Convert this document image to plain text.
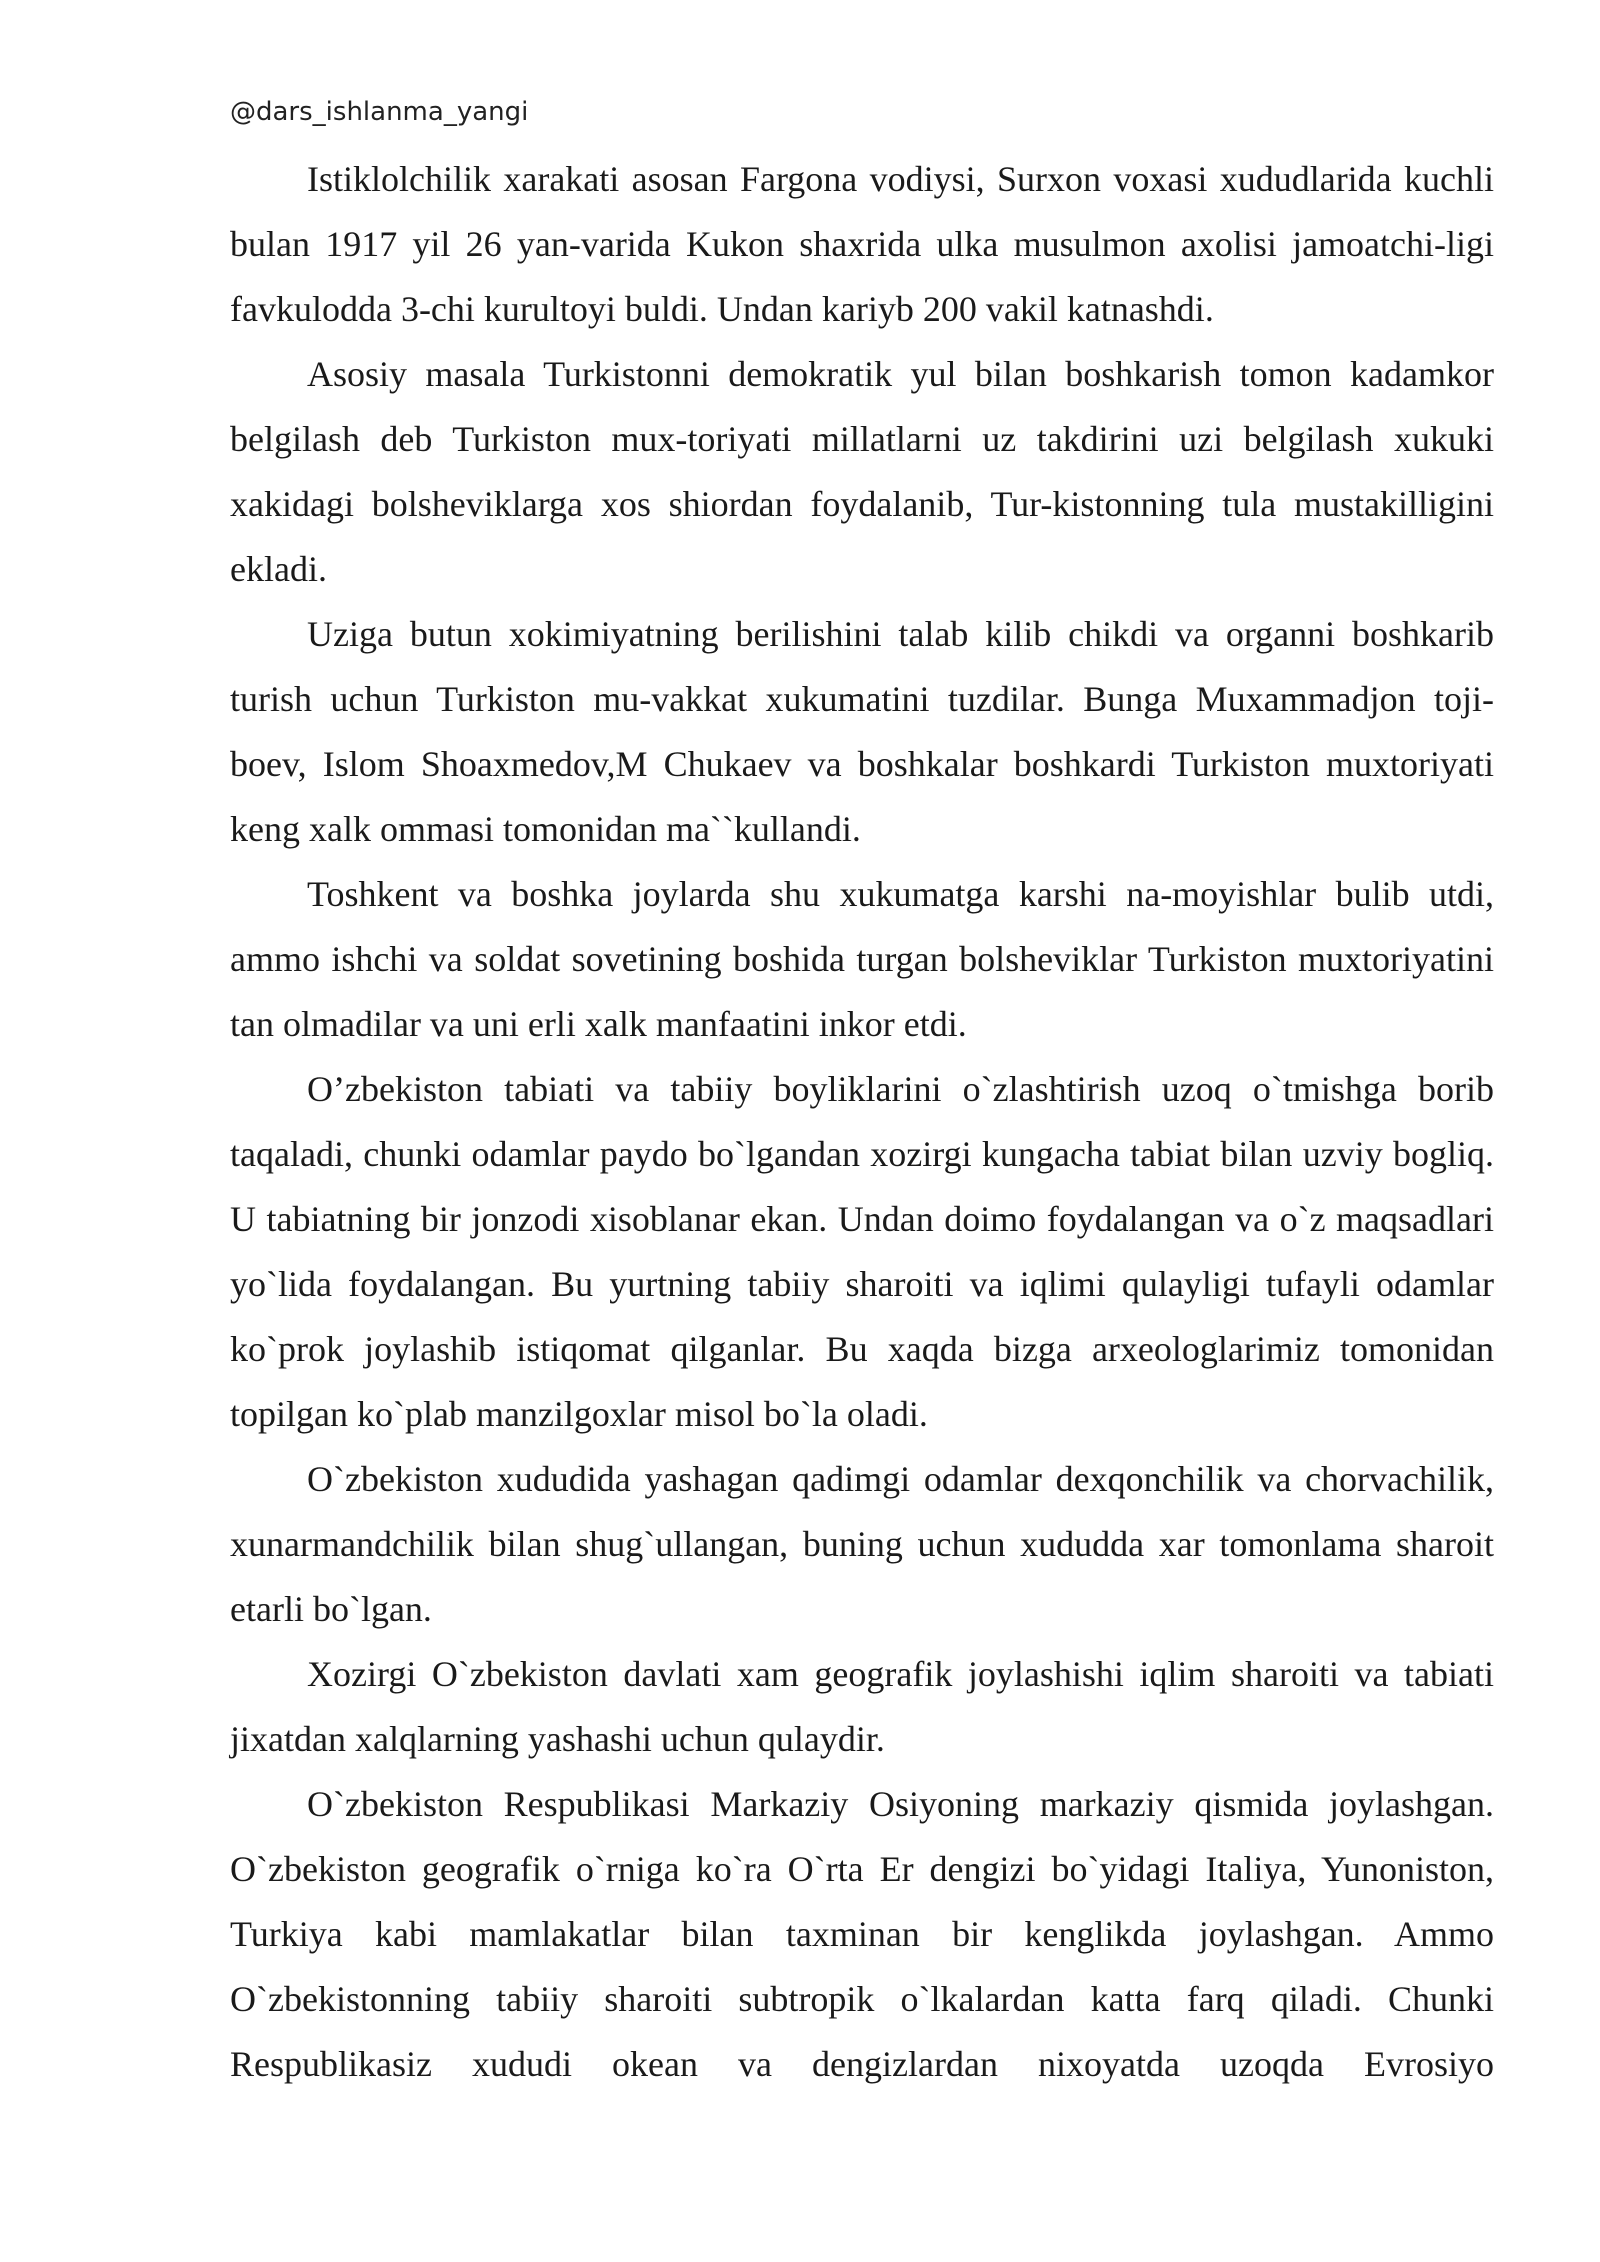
@dars_ishlanma_yangi

Istiklolchilik xarakati asosan Fargona vodiysi, Surxon voxasi xududlarida kuchli bulan 1917 yil 26 yan-varida Kukon shaxrida ulka musulmon axolisi jamoatchi-ligi favkulodda 3-chi kurultoyi buldi. Undan kariyb 200 vakil katnashdi.

Asosiy masala Turkistonni demokratik yul bilan boshkarish tomon kadamkor belgilash deb Turkiston mux-toriyati millatlarni uz takdirini uzi belgilash xukuki xakidagi bolsheviklarga xos shiordan foydalanib, Tur-kistonning tula mustakilligini ekladi.

Uziga butun xokimiyatning berilishini talab kilib chikdi va organni boshkarib turish uchun Turkiston mu-vakkat xukumatini tuzdilar. Bunga Muxammadjon toji-boev, Islom Shoaxmedov,M Chukaev va boshkalar boshkardi Turkiston muxtoriyati keng xalk ommasi tomonidan ma``kullandi.

Toshkent va boshka joylarda shu xukumatga karshi na-moyishlar bulib utdi, ammo ishchi va soldat sovetining boshida turgan bolsheviklar Turkiston muxtoriyatini tan olmadilar va uni erli xalk manfaatini inkor etdi.

O’zbekiston tabiati va tabiiy boyliklarini o`zlashtirish uzoq o`tmishga borib taqaladi, chunki odamlar paydo bo`lgandan xozirgi kungacha tabiat bilan uzviy bogliq. U tabiatning bir jonzodi xisoblanar ekan. Undan doimo foydalangan va o`z maqsadlari yo`lida foydalangan. Bu yurtning tabiiy sharoiti va iqlimi qulayligi tufayli odamlar ko`prok joylashib istiqomat qilganlar. Bu xaqda bizga arxeologlarimiz tomonidan topilgan ko`plab manzilgoxlar misol bo`la oladi.

O`zbekiston xududida yashagan qadimgi odamlar dexqonchilik va chorvachilik, xunarmandchilik bilan shug`ullangan, buning uchun xududda xar tomonlama sharoit etarli bo`lgan.

Xozirgi O`zbekiston davlati xam geografik joylashishi iqlim sharoiti va tabiati jixatdan xalqlarning yashashi uchun qulaydir.

O`zbekiston Respublikasi Markaziy Osiyoning markaziy qismida joylashgan. O`zbekiston geografik o`rniga ko`ra O`rta Er dengizi bo`yidagi Italiya, Yunoniston, Turkiya kabi mamlakatlar bilan taxminan bir kenglikda joylashgan. Ammo O`zbekistonning tabiiy sharoiti subtropik o`lkalardan katta farq qiladi. Chunki Respublikasiz xududi okean va dengizlardan nixoyatda uzoqda Evrosiyo
